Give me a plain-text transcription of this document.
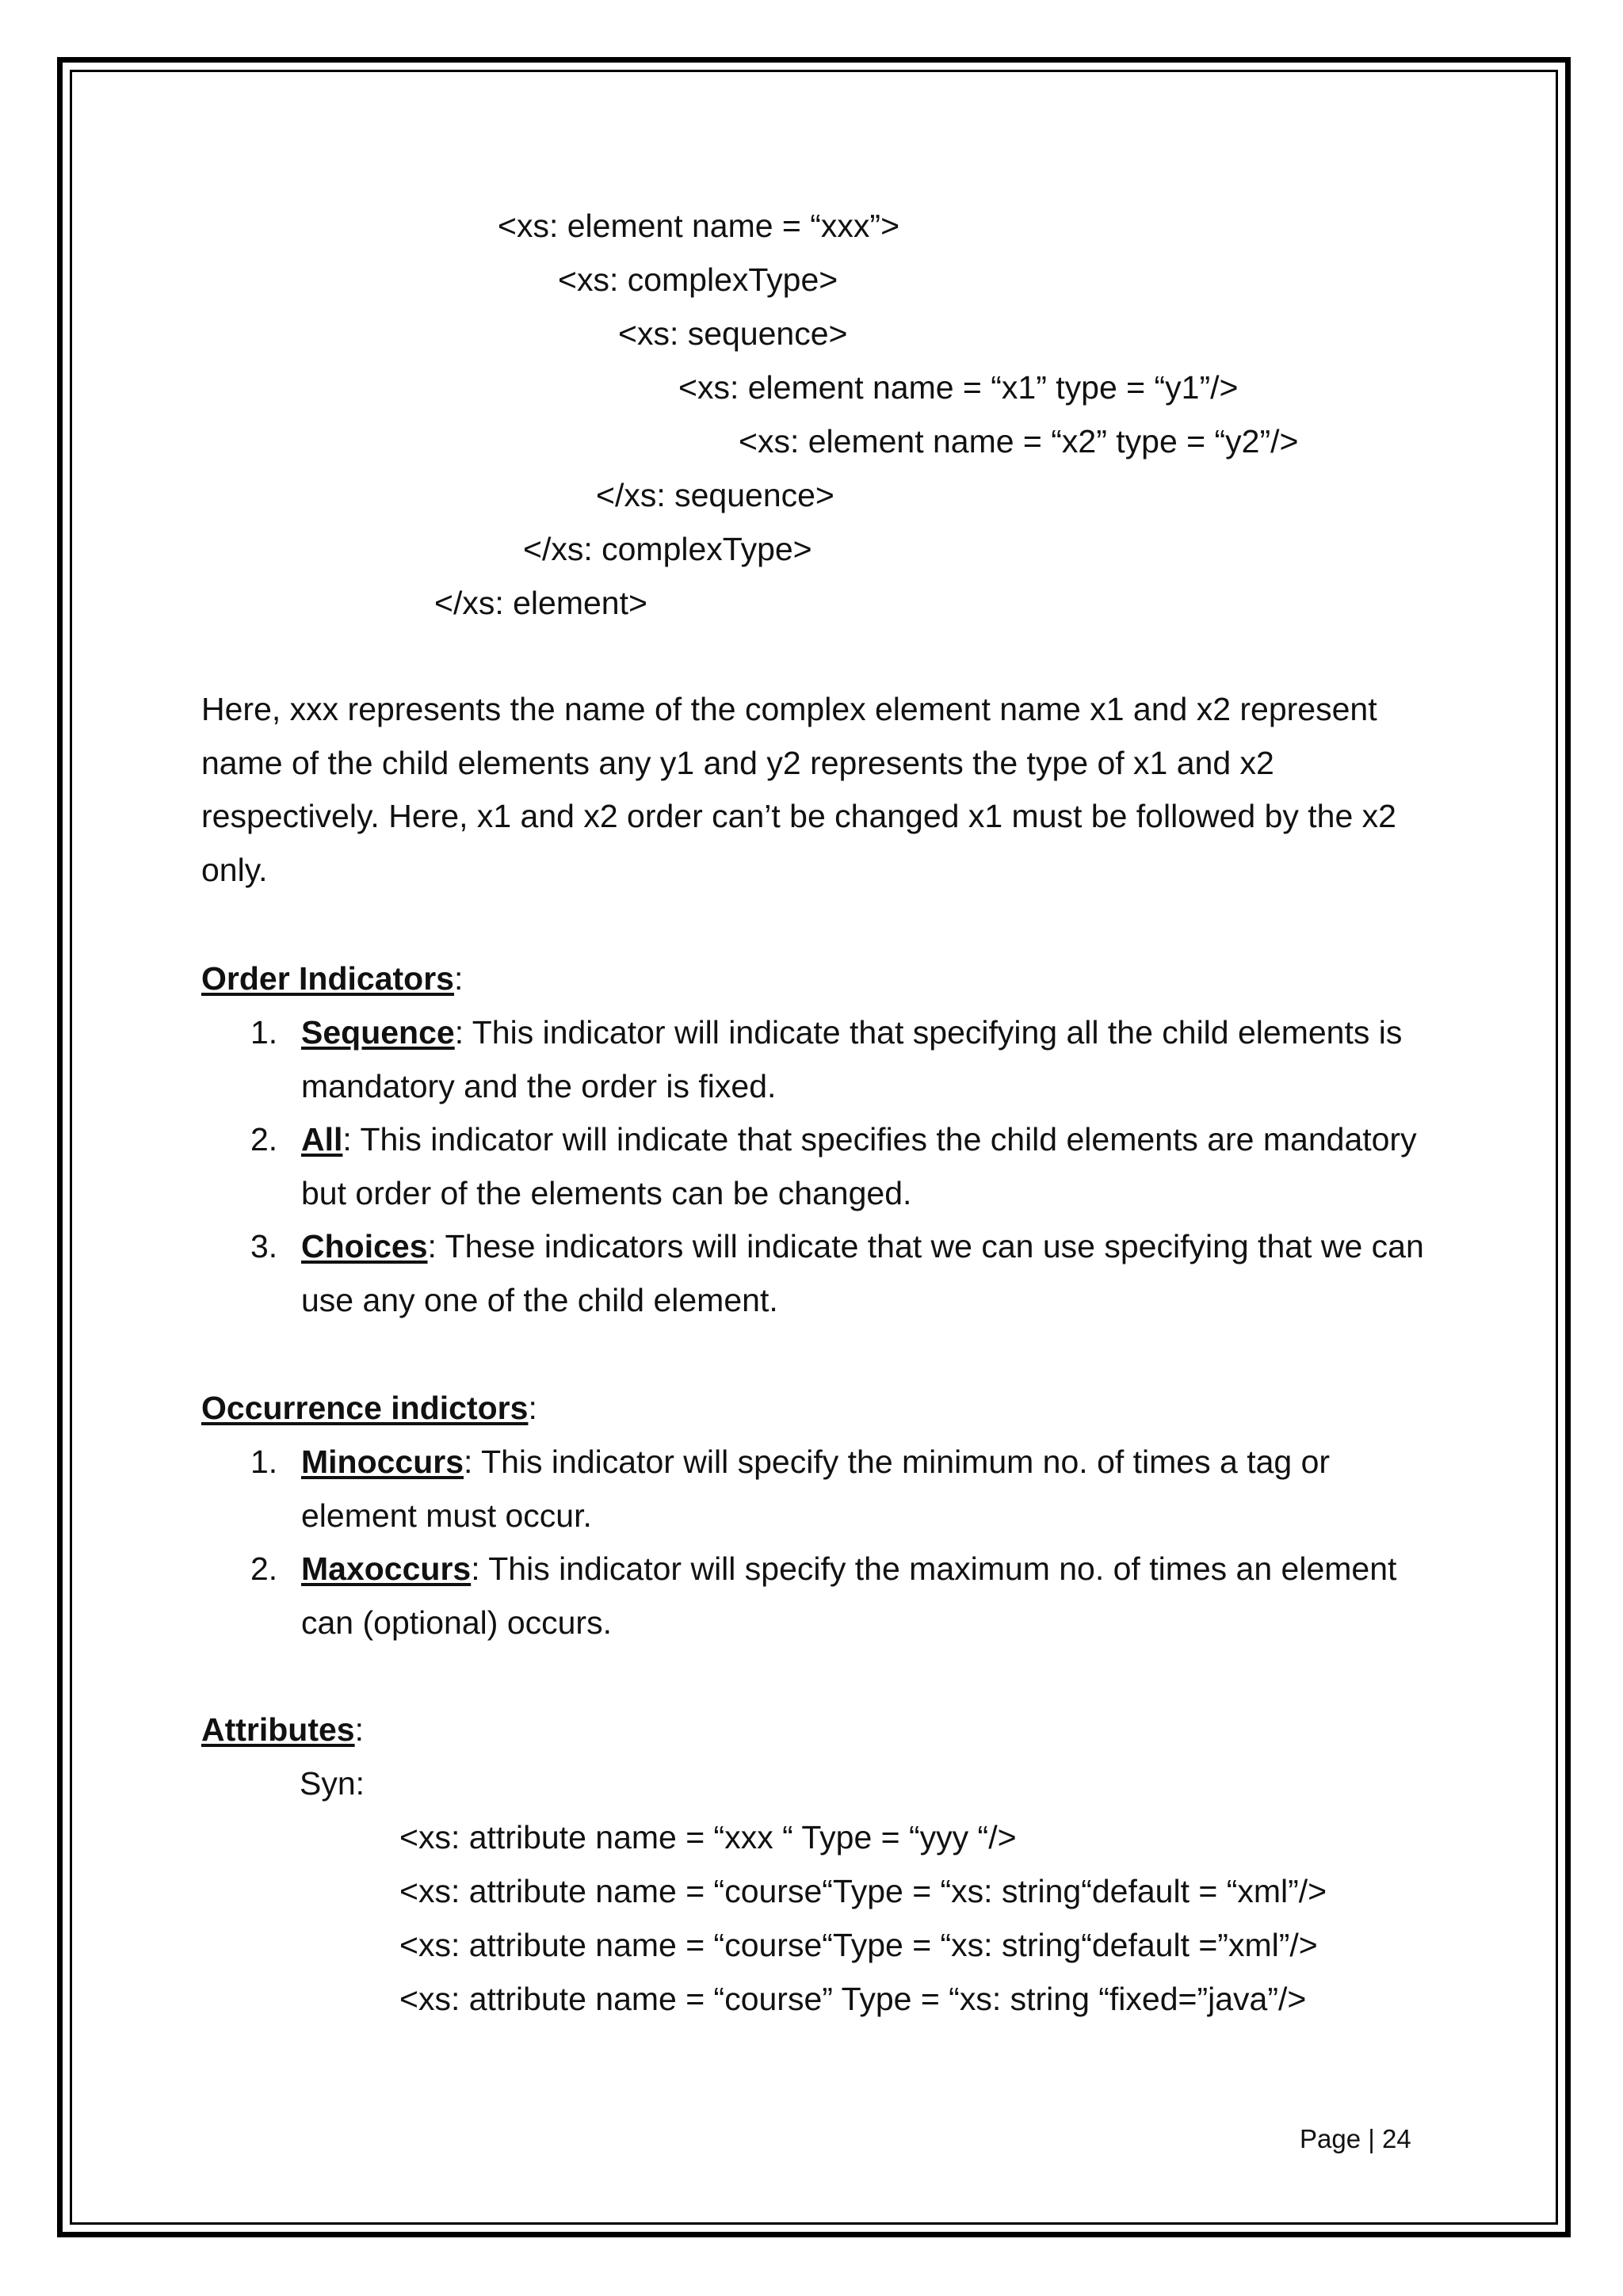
<xs: element name = “xxx”>
<xs: complexType>
<xs: sequence>
<xs: element name = “x1” type = “y1”/>
<xs: element name = “x2” type = “y2”/>
</xs: sequence>
</xs: complexType>
</xs: element>
Here, xxx represents the name of the complex element name x1 and x2 represent
name of the child elements any y1 and y2 represents the type of x1 and x2
respectively. Here, x1 and x2 order can’t be changed x1 must be followed by the x2
only.
Order Indicators:
1. Sequence: This indicator will indicate that specifying all the child elements is
mandatory and the order is fixed.
2. All: This indicator will indicate that specifies the child elements are mandatory
but order of the elements can be changed.
3. Choices: These indicators will indicate that we can use specifying that we can
use any one of the child element.
Occurrence indictors:
1. Minoccurs: This indicator will specify the minimum no. of times a tag or
element must occur.
2. Maxoccurs: This indicator will specify the maximum no. of times an element
can (optional) occurs.
Attributes:
Syn:
<xs: attribute name = “xxx “ Type = “yyy “/>
<xs: attribute name = “course“Type = “xs: string“default = “xml”/>
<xs: attribute name = “course“Type = “xs: string“default =”xml”/>
<xs: attribute name = “course” Type = “xs: string “fixed=”java”/>
Page | 24
